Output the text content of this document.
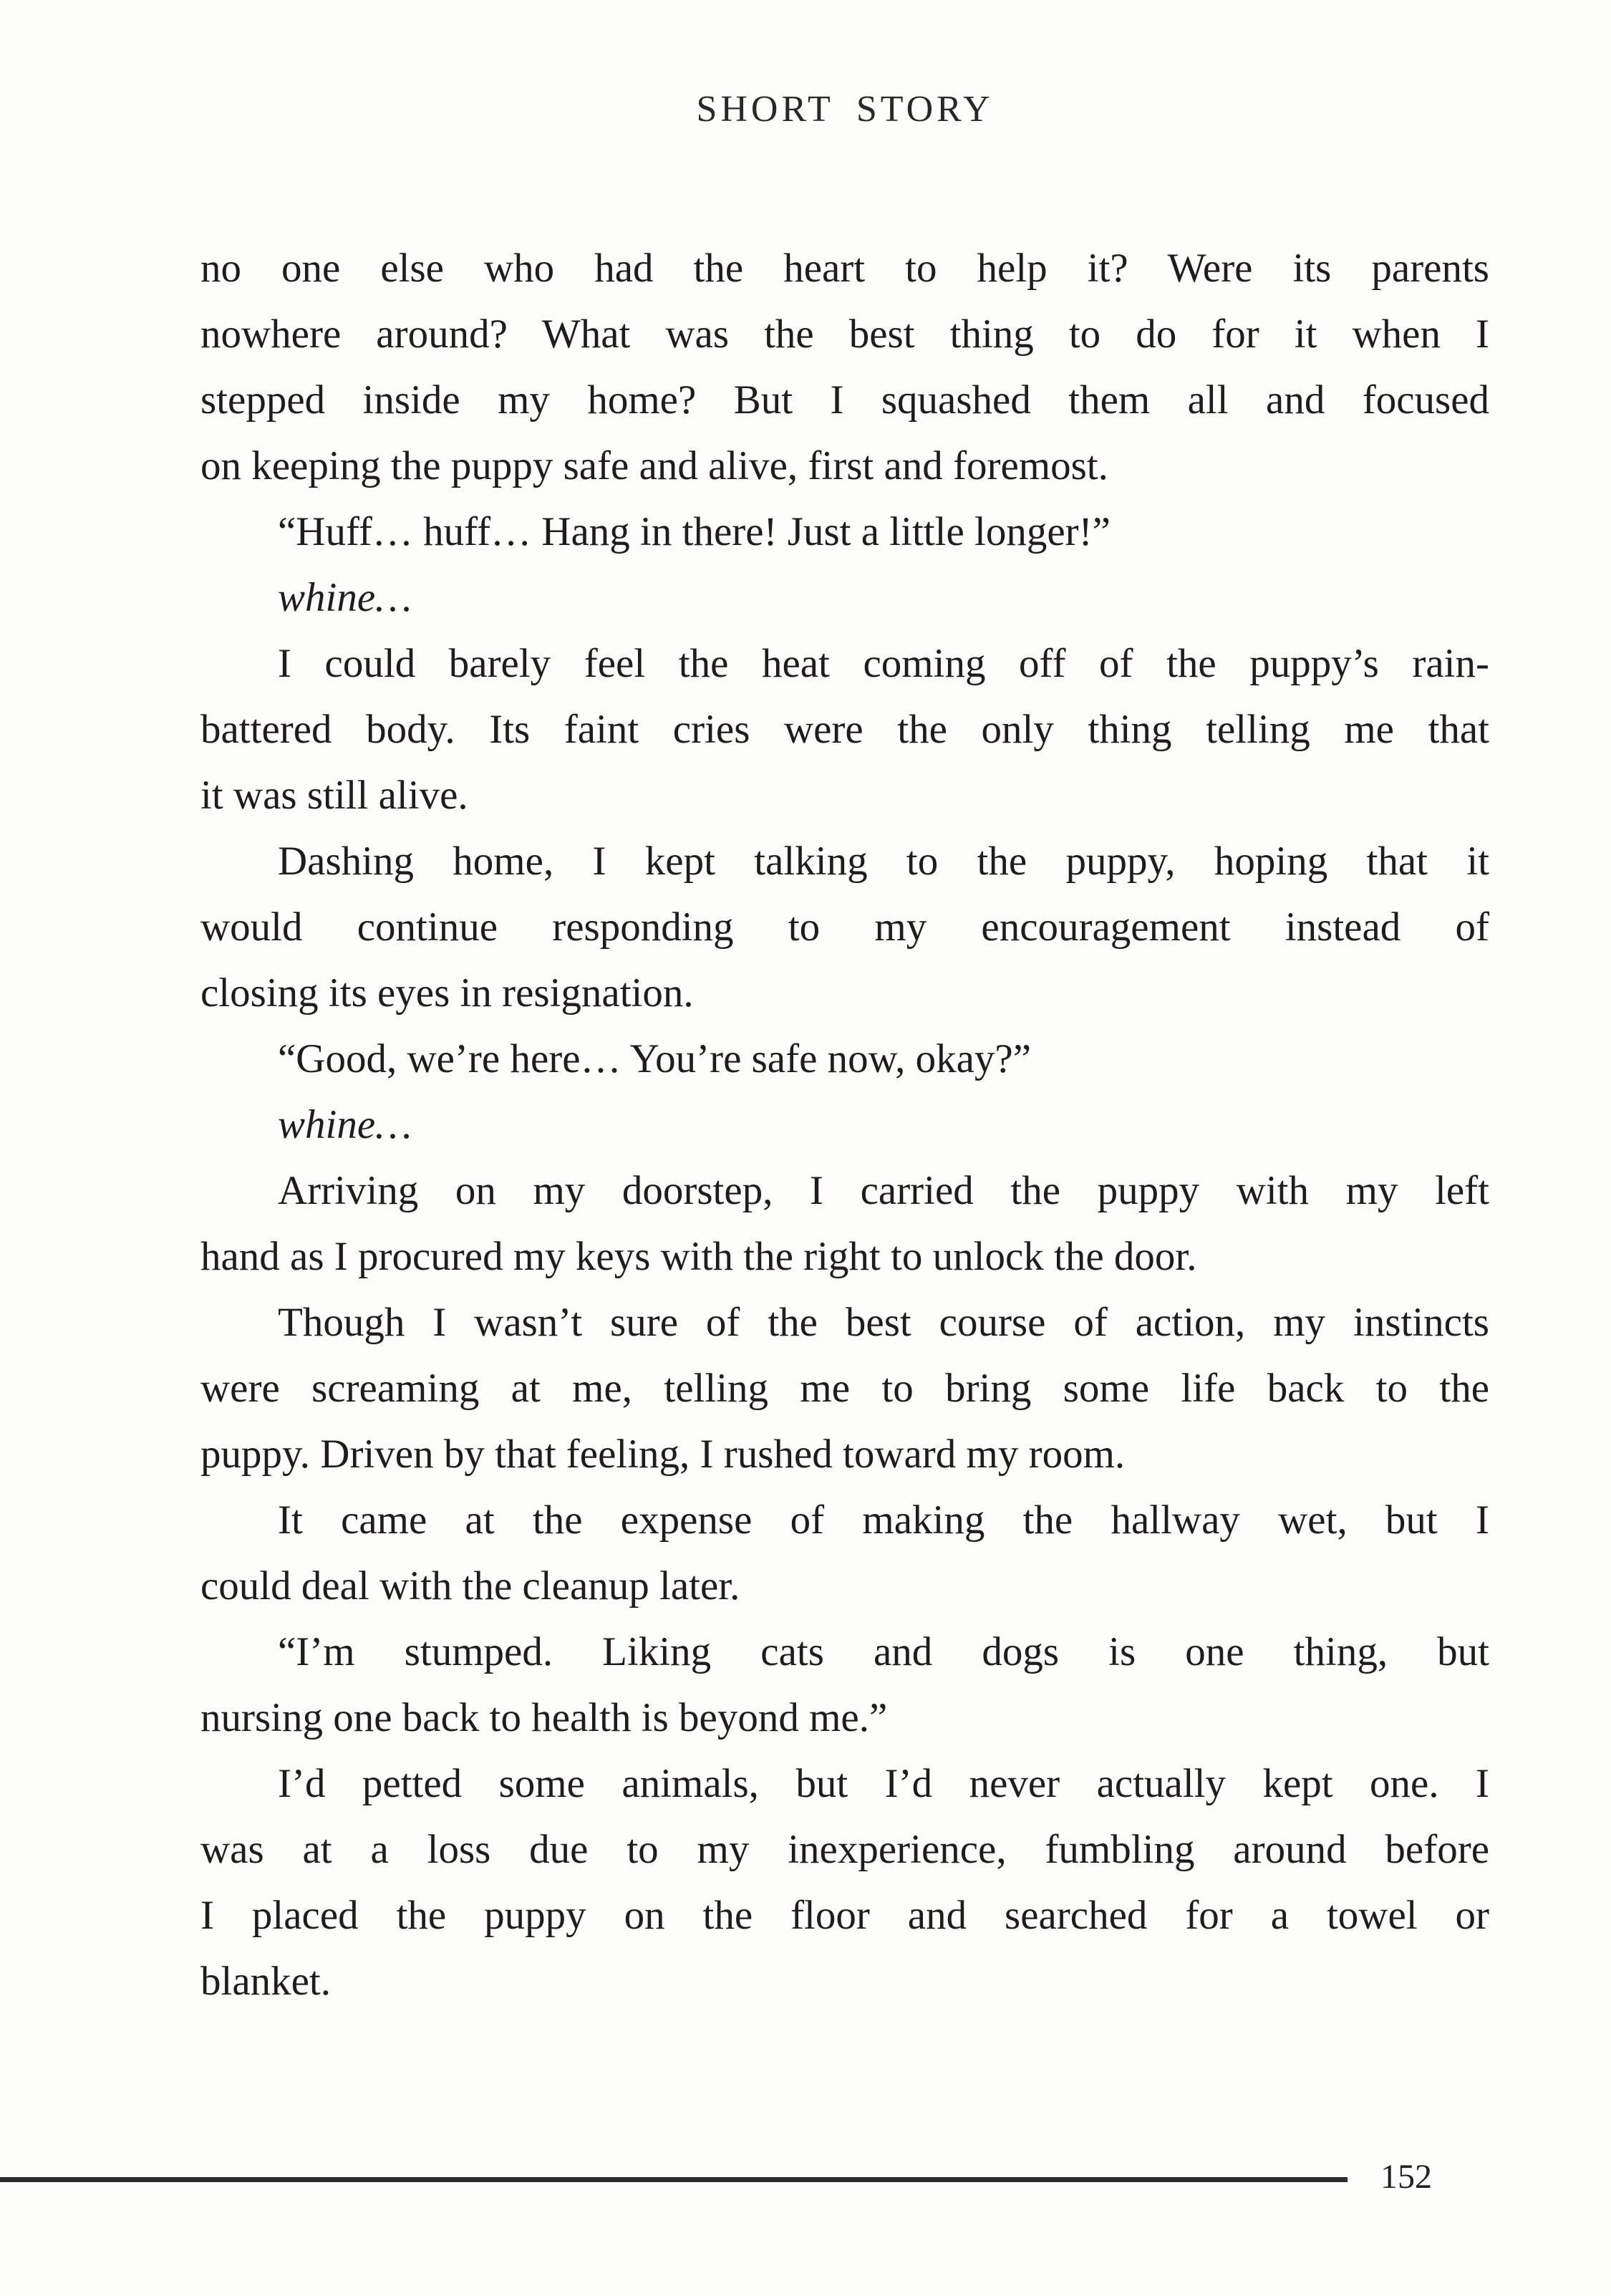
SHORT STORY
no one else who had the heart to help it? Were its parents
nowhere around? What was the best thing to do for it when I
stepped inside my home? But I squashed them all and focused
on keeping the puppy safe and alive, first and foremost.
“Huff… huff… Hang in there! Just a little longer!”
whine…
I could barely feel the heat coming off of the puppy’s rain-
battered body. Its faint cries were the only thing telling me that
it was still alive.
Dashing home, I kept talking to the puppy, hoping that it
would continue responding to my encouragement instead of
closing its eyes in resignation.
“Good, we’re here… You’re safe now, okay?”
whine…
Arriving on my doorstep, I carried the puppy with my left
hand as I procured my keys with the right to unlock the door.
Though I wasn’t sure of the best course of action, my instincts
were screaming at me, telling me to bring some life back to the
puppy. Driven by that feeling, I rushed toward my room.
It came at the expense of making the hallway wet, but I
could deal with the cleanup later.
“I’m stumped. Liking cats and dogs is one thing, but
nursing one back to health is beyond me.”
I’d petted some animals, but I’d never actually kept one. I
was at a loss due to my inexperience, fumbling around before
I placed the puppy on the floor and searched for a towel or
blanket.
152
